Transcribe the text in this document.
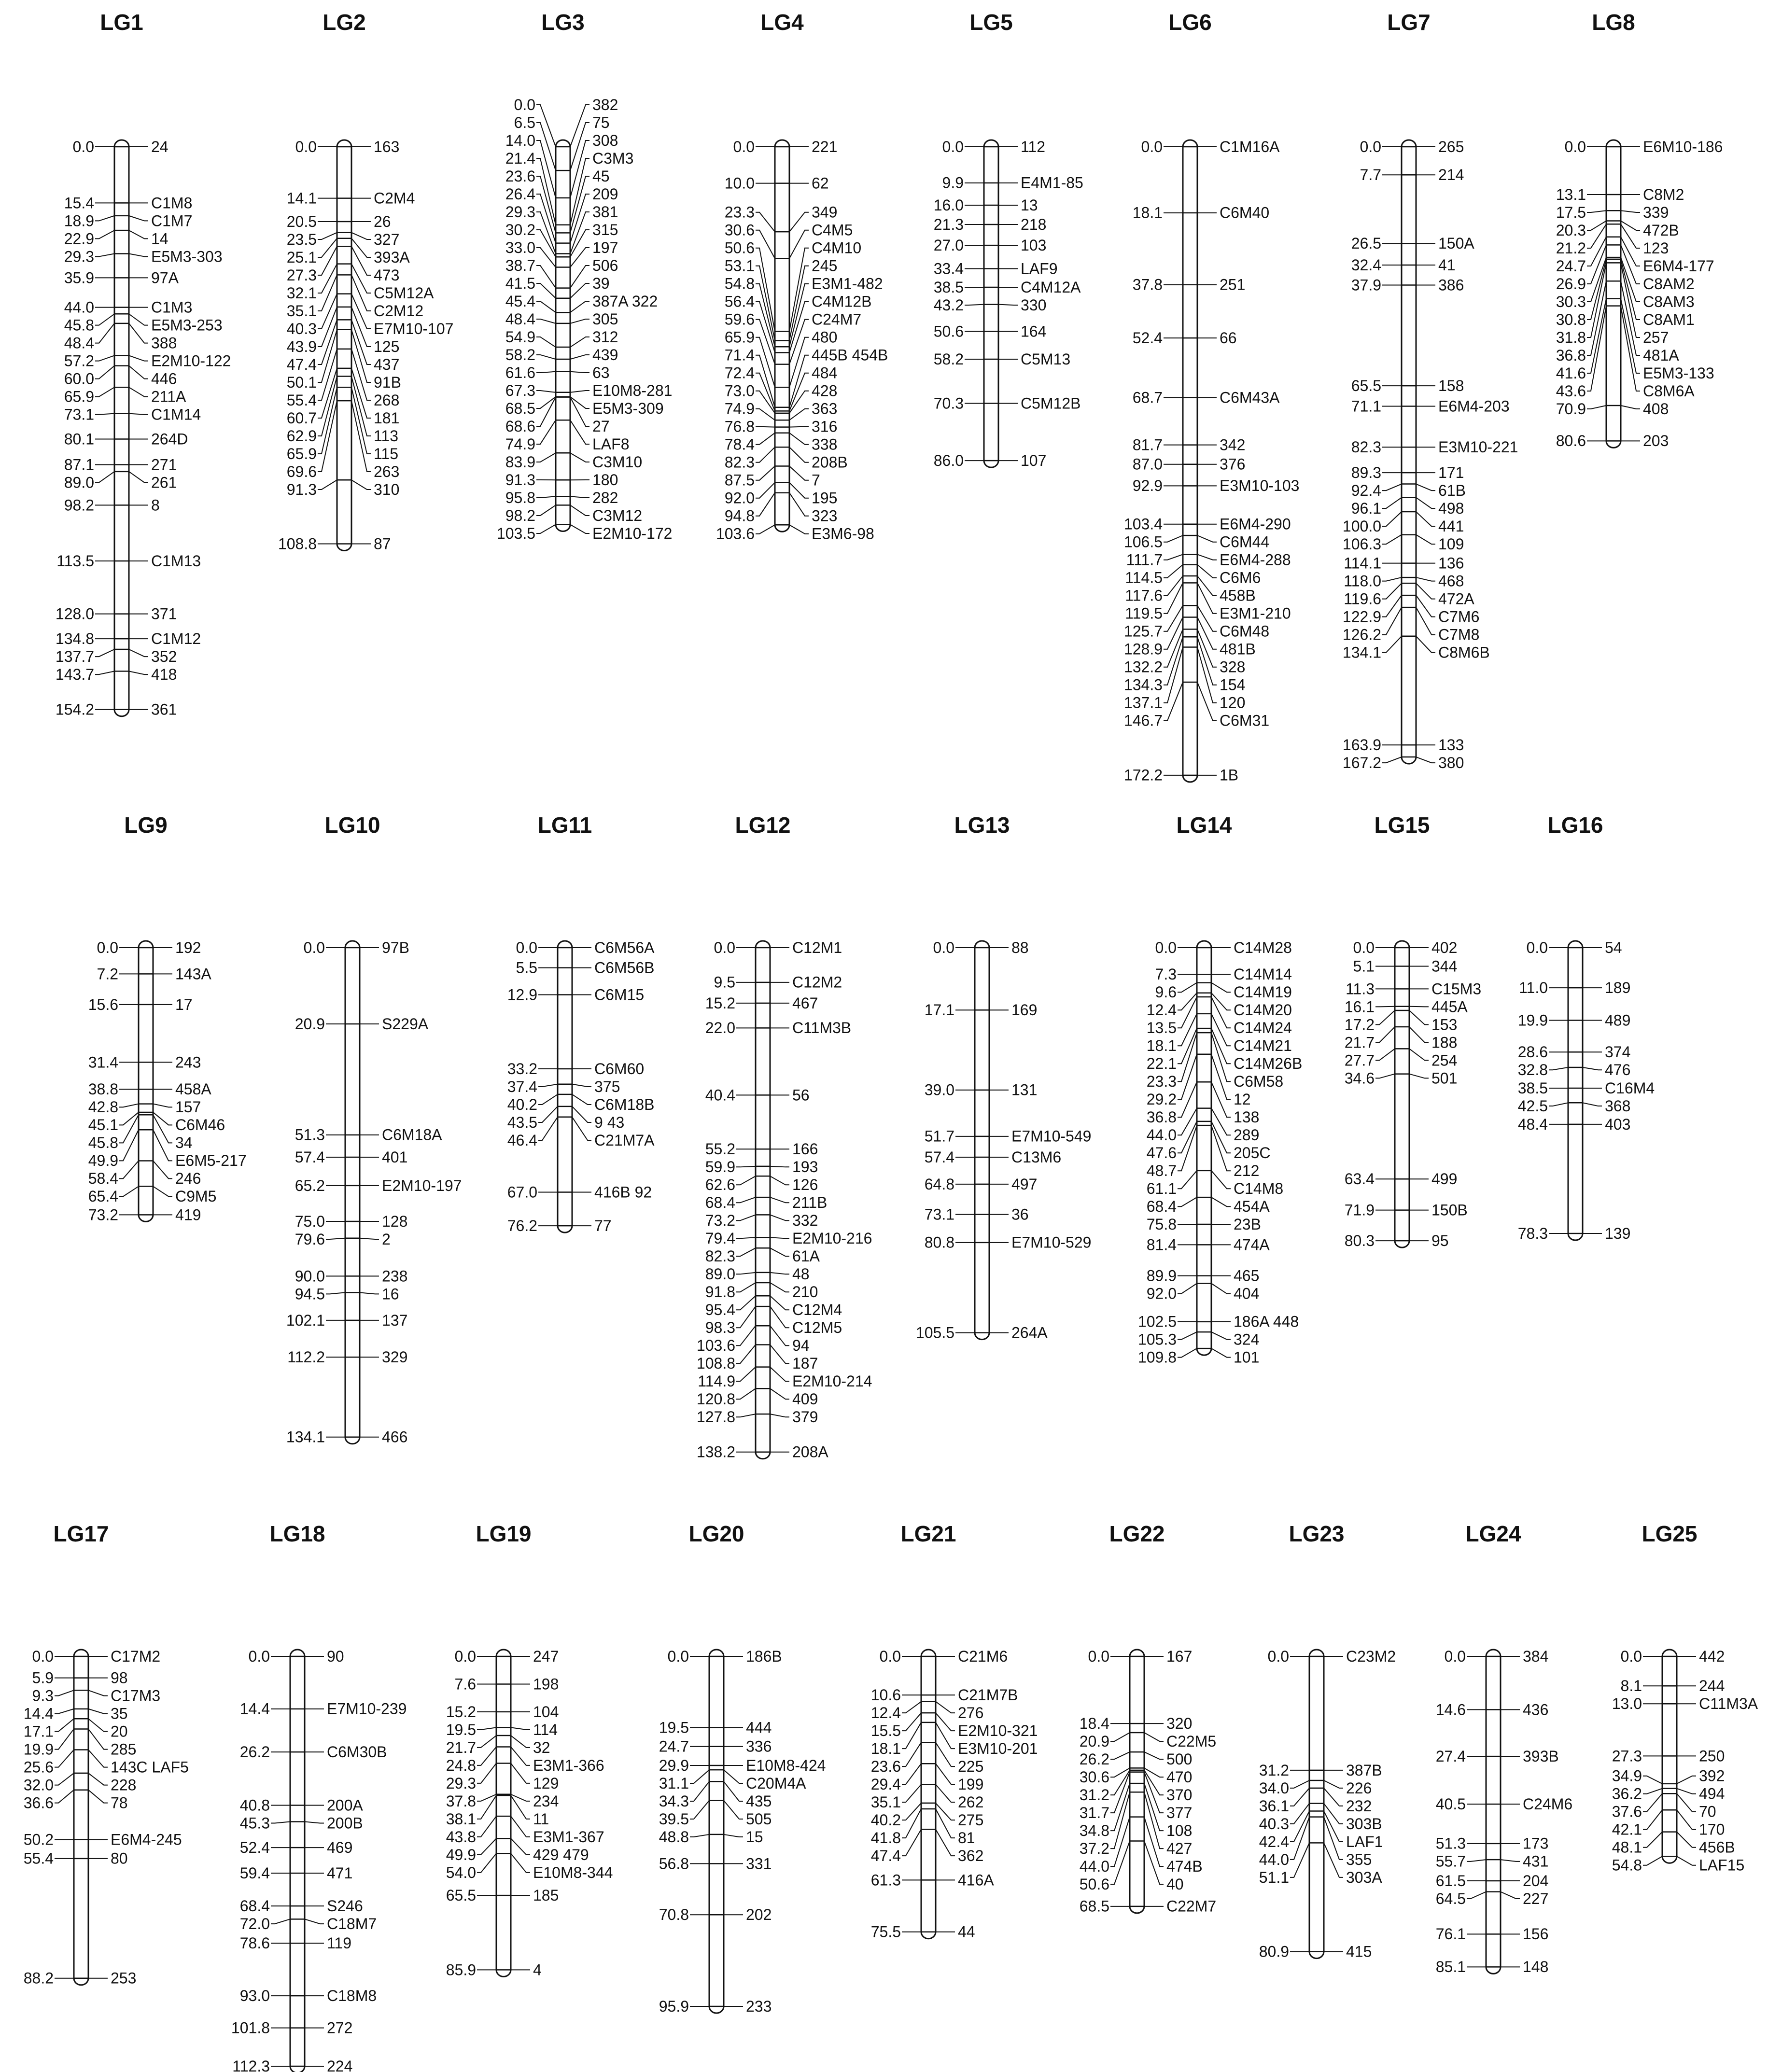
LG1
0.0	24
15.4	C1M8
18.9	C1M7
22.9	14
29.3	E5M3-303
35.9	97A
44.0	C1M3
45.8	E5M3-253
48.4	388
57.2	E2M10-122
60.0	446
65.9	211A
73.1	C1M14
80.1	264D
87.1	271
89.0	261
98.2	8
113.5	C1M13
128.0	371
134.8	C1M12
137.7	352
143.7	418
154.2	361
LG2
0.0	163
14.1	C2M4
20.5	26
23.5	327
25.1	393A
27.3	473
32.1	C5M12A
35.1	C2M12
40.3	E7M10-107
43.9	125
47.4	437
50.1	91B
55.4	268
60.7	181
62.9	113
65.9	115
69.6	263
91.3	310
108.8	87
LG3
0.0	382
6.5	75
14.0	308
21.4	C3M3
23.6	45
26.4	209
29.3	381
30.2	315
33.0	197
38.7	506
41.5	39
45.4	387A 322
48.4	305
54.9	312
58.2	439
61.6	63
67.3	E10M8-281
68.5	E5M3-309
68.6	27
74.9	LAF8
83.9	C3M10
91.3	180
95.8	282
98.2	C3M12
103.5	E2M10-172
LG4
0.0	221
10.0	62
23.3	349
30.6	C4M5
50.6	C4M10
53.1	245
54.8	E3M1-482
56.4	C4M12B
59.6	C24M7
65.9	480
71.4	445B 454B
72.4	484
73.0	428
74.9	363
76.8	316
78.4	338
82.3	208B
87.5	7
92.0	195
94.8	323
103.6	E3M6-98
LG5
0.0	112
9.9	E4M1-85
16.0	13
21.3	218
27.0	103
33.4	LAF9
38.5	C4M12A
43.2	330
50.6	164
58.2	C5M13
70.3	C5M12B
86.0	107
LG6
0.0	C1M16A
18.1	C6M40
37.8	251
52.4	66
68.7	C6M43A
81.7	342
87.0	376
92.9	E3M10-103
103.4	E6M4-290
106.5	C6M44
111.7	E6M4-288
114.5	C6M6
117.6	458B
119.5	E3M1-210
125.7	C6M48
128.9	481B
132.2	328
134.3	154
137.1	120
146.7	C6M31
172.2	1B
LG7
0.0	265
7.7	214
26.5	150A
32.4	41
37.9	386
65.5	158
71.1	E6M4-203
82.3	E3M10-221
89.3	171
92.4	61B
96.1	498
100.0	441
106.3	109
114.1	136
118.0	468
119.6	472A
122.9	C7M6
126.2	C7M8
134.1	C8M6B
163.9	133
167.2	380
LG8
0.0	E6M10-186
13.1	C8M2
17.5	339
20.3	472B
21.2	123
24.7	E6M4-177
26.9	C8AM2
30.3	C8AM3
30.8	C8AM1
31.8	257
36.8	481A
41.6	E5M3-133
43.6	C8M6A
70.9	408
80.6	203
LG9
0.0	192
7.2	143A
15.6	17
31.4	243
38.8	458A
42.8	157
45.1	C6M46
45.8	34
49.9	E6M5-217
58.4	246
65.4	C9M5
73.2	419
LG10
0.0	97B
20.9	S229A
51.3	C6M18A
57.4	401
65.2	E2M10-197
75.0	128
79.6	2
90.0	238
94.5	16
102.1	137
112.2	329
134.1	466
LG11
0.0	C6M56A
5.5	C6M56B
12.9	C6M15
33.2	C6M60
37.4	375
40.2	C6M18B
43.5	9 43
46.4	C21M7A
67.0	416B 92
76.2	77
LG12
0.0	C12M1
9.5	C12M2
15.2	467
22.0	C11M3B
40.4	56
55.2	166
59.9	193
62.6	126
68.4	211B
73.2	332
79.4	E2M10-216
82.3	61A
89.0	48
91.8	210
95.4	C12M4
98.3	C12M5
103.6	94
108.8	187
114.9	E2M10-214
120.8	409
127.8	379
138.2	208A
LG13
0.0	88
17.1	169
39.0	131
51.7	E7M10-549
57.4	C13M6
64.8	497
73.1	36
80.8	E7M10-529
105.5	264A
LG14
0.0	C14M28
7.3	C14M14
9.6	C14M19
12.4	C14M20
13.5	C14M24
18.1	C14M21
22.1	C14M26B
23.3	C6M58
29.2	12
36.8	138
44.0	289
47.6	205C
48.7	212
61.1	C14M8
68.4	454A
75.8	23B
81.4	474A
89.9	465
92.0	404
102.5	186A 448
105.3	324
109.8	101
LG15
0.0	402
5.1	344
11.3	C15M3
16.1	445A
17.2	153
21.7	188
27.7	254
34.6	501
63.4	499
71.9	150B
80.3	95
LG16
0.0	54
11.0	189
19.9	489
28.6	374
32.8	476
38.5	C16M4
42.5	368
48.4	403
78.3	139
LG17
0.0	C17M2
5.9	98
9.3	C17M3
14.4	35
17.1	20
19.9	285
25.6	143C LAF5
32.0	228
36.6	78
50.2	E6M4-245
55.4	80
88.2	253
LG18
0.0	90
14.4	E7M10-239
26.2	C6M30B
40.8	200A
45.3	200B
52.4	469
59.4	471
68.4	S246
72.0	C18M7
78.6	119
93.0	C18M8
101.8	272
112.3	224
LG19
0.0	247
7.6	198
15.2	104
19.5	114
21.7	32
24.8	E3M1-366
29.3	129
37.8	234
38.1	11
43.8	E3M1-367
49.9	429 479
54.0	E10M8-344
65.5	185
85.9	4
LG20
0.0	186B
19.5	444
24.7	336
29.9	E10M8-424
31.1	C20M4A
34.3	435
39.5	505
48.8	15
56.8	331
70.8	202
95.9	233
LG21
0.0	C21M6
10.6	C21M7B
12.4	276
15.5	E2M10-321
18.1	E3M10-201
23.6	225
29.4	199
35.1	262
40.2	275
41.8	81
47.4	362
61.3	416A
75.5	44
LG22
0.0	167
18.4	320
20.9	C22M5
26.2	500
30.6	470
31.2	370
31.7	377
34.8	108
37.2	427
44.0	474B
50.6	40
68.5	C22M7
LG23
0.0	C23M2
31.2	387B
34.0	226
36.1	232
40.3	303B
42.4	LAF1
44.0	355
51.1	303A
80.9	415
LG24
0.0	384
14.6	436
27.4	393B
40.5	C24M6
51.3	173
55.7	431
61.5	204
64.5	227
76.1	156
85.1	148
LG25
0.0	442
8.1	244
13.0	C11M3A
27.3	250
34.9	392
36.2	494
37.6	70
42.1	170
48.1	456B
54.8	LAF15
